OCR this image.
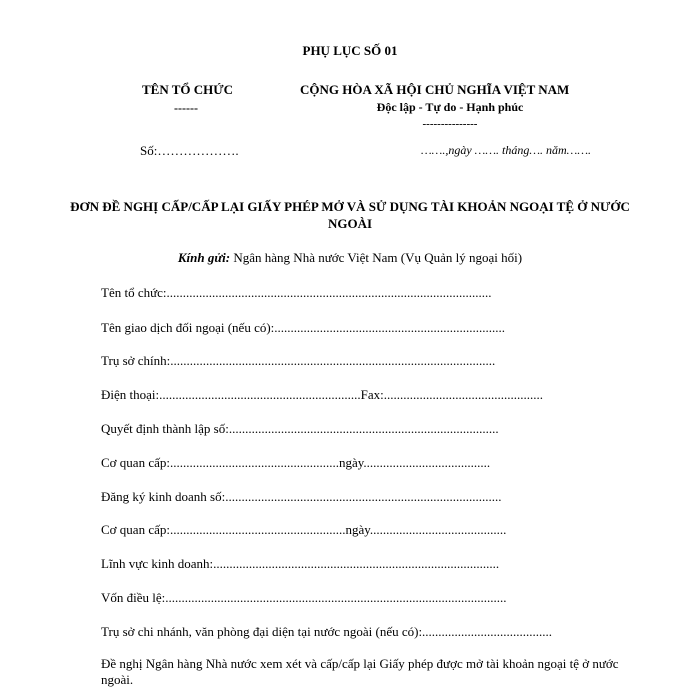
PHỤ LỤC SỐ 01
TÊN TỔ CHỨC
------
CỘNG HÒA XÃ HỘI CHỦ NGHĨA VIỆT NAM
Độc lập - Tự do - Hạnh phúc
---------------
Số:……………….	…….,ngày ……. tháng…. năm…….
ĐƠN ĐỀ NGHỊ CẤP/CẤP LẠI GIẤY PHÉP MỞ VÀ SỬ DỤNG TÀI KHOẢN NGOẠI TỆ Ở NƯỚC NGOÀI
Kính gửi: Ngân hàng Nhà nước Việt Nam (Vụ Quản lý ngoại hối)
Tên tổ chức:....................................................................................................
Tên giao dịch đối ngoại (nếu có):.......................................................................
Trụ sở chính:....................................................................................................
Điện thoại:..............................................................Fax:.................................................
Quyết định thành lập số:...................................................................................
Cơ quan cấp:....................................................ngày.......................................
Đăng ký kinh doanh số:.....................................................................................
Cơ quan cấp:......................................................ngày..........................................
Lĩnh vực kinh doanh:........................................................................................
Vốn điều lệ:.........................................................................................................
Trụ sở chi nhánh, văn phòng đại diện tại nước ngoài (nếu có):........................................
Đề nghị Ngân hàng Nhà nước xem xét và cấp/cấp lại Giấy phép được mở tài khoản ngoại tệ ở nước ngoài.
